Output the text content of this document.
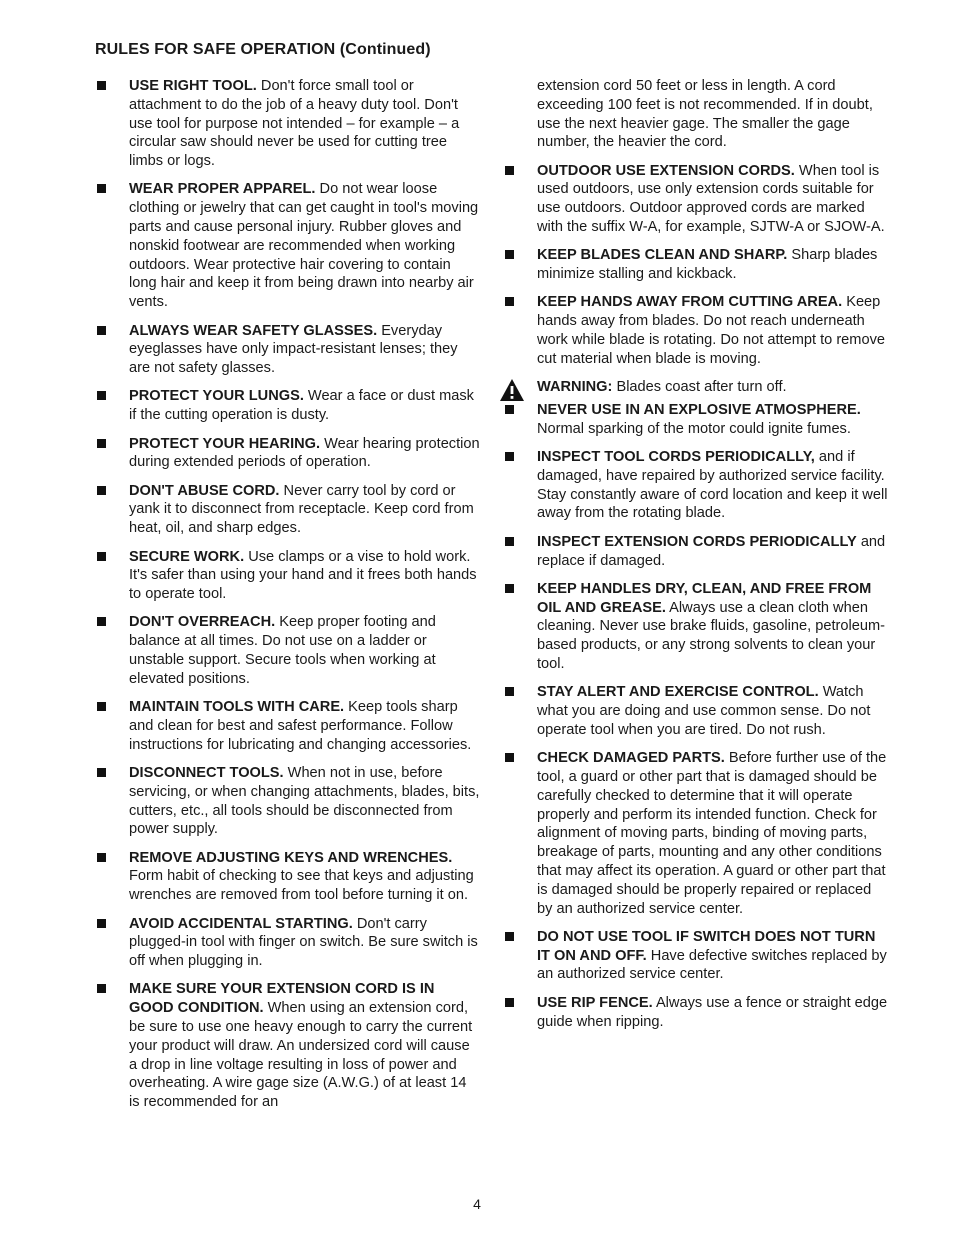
RULES FOR SAFE OPERATION (Continued)
USE RIGHT TOOL. Don't force small tool or attachment to do the job of a heavy duty tool. Don't use tool for purpose not intended – for example – a circular saw should never be used for cutting tree limbs or logs.
WEAR PROPER APPAREL. Do not wear loose clothing or jewelry that can get caught in tool's moving parts and cause personal injury. Rubber gloves and nonskid footwear are recommended when working outdoors. Wear protective hair covering to contain long hair and keep it from being drawn into nearby air vents.
ALWAYS WEAR SAFETY GLASSES. Everyday eyeglasses have only impact-resistant lenses; they are not safety glasses.
PROTECT YOUR LUNGS. Wear a face or dust mask if the cutting operation is dusty.
PROTECT YOUR HEARING. Wear hearing protection during extended periods of operation.
DON'T ABUSE CORD. Never carry tool by cord or yank it to disconnect from receptacle. Keep cord from heat, oil, and sharp edges.
SECURE WORK. Use clamps or a vise to hold work. It's safer than using your hand and it frees both hands to operate tool.
DON'T OVERREACH. Keep proper footing and balance at all times. Do not use on a ladder or unstable support. Secure tools when working at elevated positions.
MAINTAIN TOOLS WITH CARE. Keep tools sharp and clean for best and safest performance. Follow instructions for lubricating and changing accessories.
DISCONNECT TOOLS. When not in use, before servicing, or when changing attachments, blades, bits, cutters, etc., all tools should be disconnected from power supply.
REMOVE ADJUSTING KEYS AND WRENCHES. Form habit of checking to see that keys and adjusting wrenches are removed from tool before turning it on.
AVOID ACCIDENTAL STARTING. Don't carry plugged-in tool with finger on switch. Be sure switch is off when plugging in.
MAKE SURE YOUR EXTENSION CORD IS IN GOOD CONDITION. When using an extension cord, be sure to use one heavy enough to carry the current your product will draw. An undersized cord will cause a drop in line voltage resulting in loss of power and overheating. A wire gage size (A.W.G.) of at least 14 is recommended for an
extension cord 50 feet or less in length. A cord exceeding 100 feet is not recommended. If in doubt, use the next heavier gage. The smaller the gage number, the heavier the cord.
OUTDOOR USE EXTENSION CORDS. When tool is used outdoors, use only extension cords suitable for use outdoors. Outdoor approved cords are marked with the suffix W-A, for example, SJTW-A or SJOW-A.
KEEP BLADES CLEAN AND SHARP. Sharp blades minimize stalling and kickback.
KEEP HANDS AWAY FROM CUTTING AREA. Keep hands away from blades. Do not reach underneath work while blade is rotating. Do not attempt to remove cut material when blade is moving.
WARNING: Blades coast after turn off.
NEVER USE IN AN EXPLOSIVE ATMOSPHERE. Normal sparking of the motor could ignite fumes.
INSPECT TOOL CORDS PERIODICALLY, and if damaged, have repaired by authorized service facility. Stay constantly aware of cord location and keep it well away from the rotating blade.
INSPECT EXTENSION CORDS PERIODICALLY and replace if damaged.
KEEP HANDLES DRY, CLEAN, AND FREE FROM OIL AND GREASE. Always use a clean cloth when cleaning. Never use brake fluids, gasoline, petroleum-based products, or any strong solvents to clean your tool.
STAY ALERT AND EXERCISE CONTROL. Watch what you are doing and use common sense. Do not operate tool when you are tired. Do not rush.
CHECK DAMAGED PARTS. Before further use of the tool, a guard or other part that is damaged should be carefully checked to determine that it will operate properly and perform its intended function. Check for alignment of moving parts, binding of moving parts, breakage of parts, mounting and any other conditions that may affect its operation. A guard or other part that is damaged should be properly repaired or replaced by an authorized service center.
DO NOT USE TOOL IF SWITCH DOES NOT TURN IT ON AND OFF. Have defective switches replaced by an authorized service center.
USE RIP FENCE. Always use a fence or straight edge guide when ripping.
4
